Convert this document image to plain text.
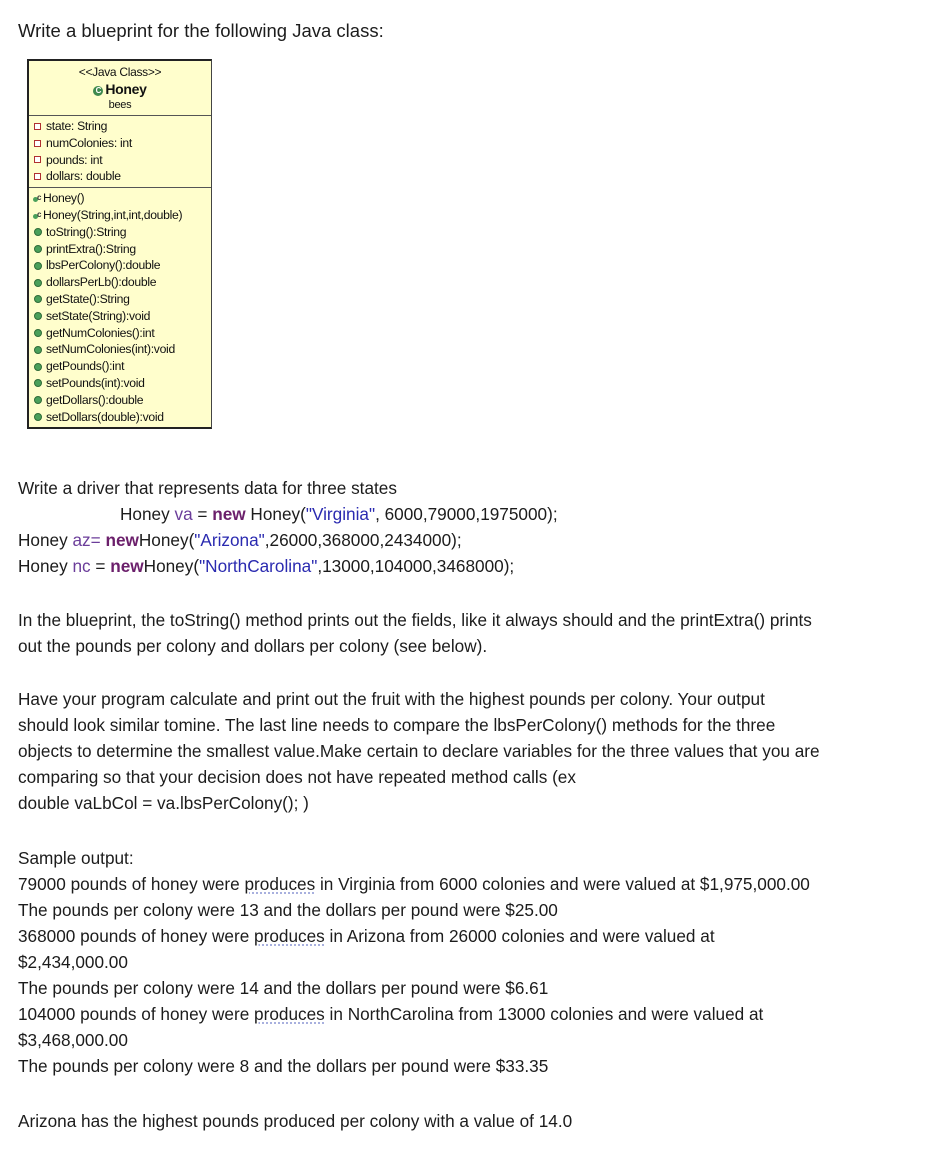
Write a blueprint for the following Java class:
<<Java Class>>
C Honey
bees
state: String
numColonies: int
pounds: int
dollars: double
c
Honey()
c
Honey(String,int,int,double)
toString():String
printExtra():String
lbsPerColony():double
dollarsPerLb():double
getState():String
setState(String):void
getNumColonies():int
setNumColonies(int):void
getPounds():int
setPounds(int):void
getDollars():double
setDollars(double):void
Write a driver that represents data for three states
Honey va = new Honey("Virginia", 6000,79000,1975000);
Honey az= newHoney("Arizona",26000,368000,2434000);
Honey nc = newHoney("NorthCarolina",13000,104000,3468000);
In the blueprint, the toString() method prints out the fields, like it always should and the printExtra() prints
out the pounds per colony and dollars per colony (see below).
Have your program calculate and print out the fruit with the highest pounds per colony. Your output
should look similar tomine. The last line needs to compare the lbsPerColony() methods for the three
objects to determine the smallest value.Make certain to declare variables for the three values that you are
comparing so that your decision does not have repeated method calls (ex
double vaLbCol = va.lbsPerColony(); )
Sample output:
79000 pounds of honey were produces in Virginia from 6000 colonies and were valued at $1,975,000.00
The pounds per colony were 13 and the dollars per pound were $25.00
368000 pounds of honey were produces in Arizona from 26000 colonies and were valued at
$2,434,000.00
The pounds per colony were 14 and the dollars per pound were $6.61
104000 pounds of honey were produces in NorthCarolina from 13000 colonies and were valued at
$3,468,000.00
The pounds per colony were 8 and the dollars per pound were $33.35
Arizona has the highest pounds produced per colony with a value of 14.0
